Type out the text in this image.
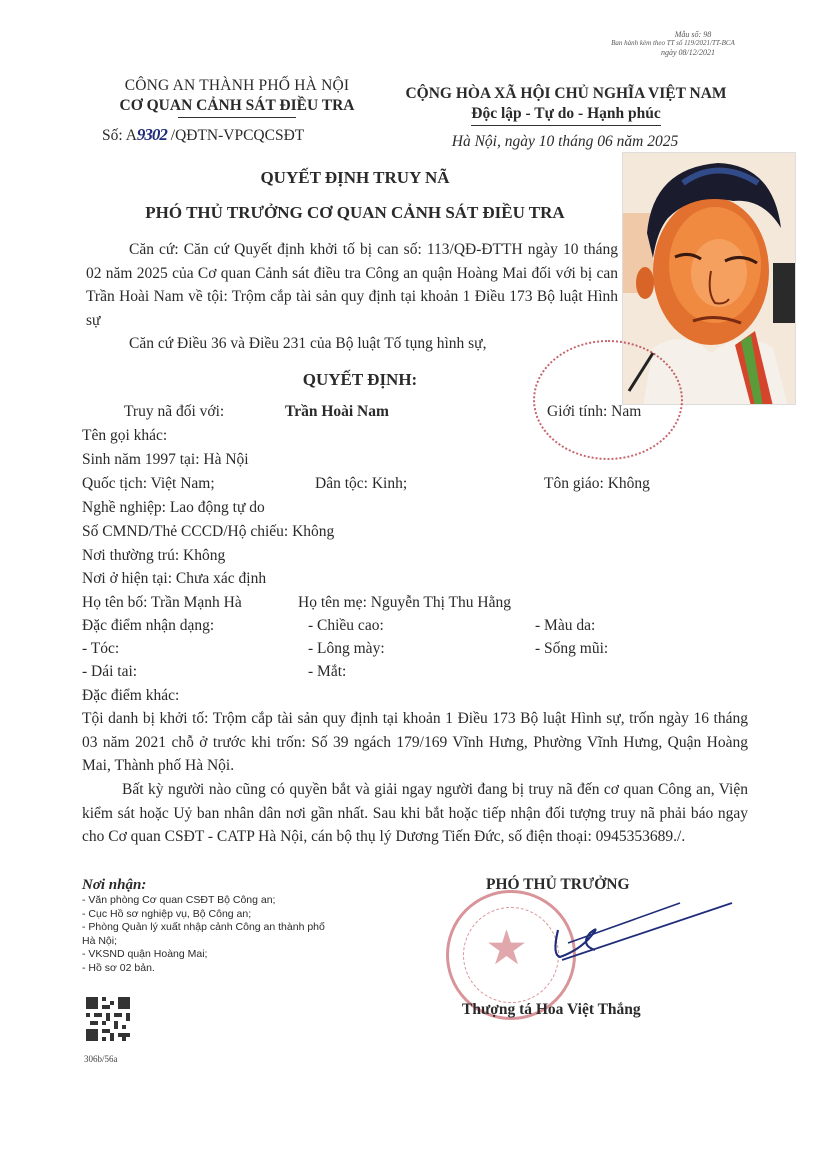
Mẫu số: 98
Ban hành kèm theo TT số 119/2021/TT-BCA
ngày 08/12/2021
CÔNG AN THÀNH PHỐ HÀ NỘI
CƠ QUAN CẢNH SÁT ĐIỀU TRA
Số: A9302 /QĐTN-VPCQCSĐT
CỘNG HÒA XÃ HỘI CHỦ NGHĨA VIỆT NAM
Độc lập - Tự do - Hạnh phúc
Hà Nội, ngày 10 tháng 06 năm 2025
QUYẾT ĐỊNH TRUY NÃ
PHÓ THỦ TRƯỞNG CƠ QUAN CẢNH SÁT ĐIỀU TRA
Căn cứ: Căn cứ Quyết định khởi tố bị can số: 113/QĐ-ĐTTH ngày 10 tháng 02 năm 2025 của Cơ quan Cảnh sát điều tra Công an quận Hoàng Mai đối với bị can Trần Hoài Nam về tội: Trộm cắp tài sản quy định tại khoản 1 Điều 173 Bộ luật Hình sự
Căn cứ Điều 36 và Điều 231 của Bộ luật Tố tụng hình sự,
QUYẾT ĐỊNH:
Truy nã đối với:	Trần Hoài Nam	Giới tính: Nam
Tên gọi khác:
Sinh năm 1997 tại: Hà Nội
Quốc tịch: Việt Nam;	Dân tộc: Kinh;	Tôn giáo: Không
Nghề nghiệp: Lao động tự do
Số CMND/Thẻ CCCD/Hộ chiếu: Không
Nơi thường trú: Không
Nơi ở hiện tại: Chưa xác định
Họ tên bố: Trần Mạnh Hà	Họ tên mẹ: Nguyễn Thị Thu Hằng
Đặc điểm nhận dạng:	- Chiều cao:	- Màu da:
- Tóc:	- Lông mày:	- Sống mũi:
- Dái tai:	- Mắt:
Đặc điểm khác:
Tội danh bị khởi tố: Trộm cắp tài sản quy định tại khoản 1 Điều 173 Bộ luật Hình sự, trốn ngày 16 tháng 03 năm 2021 chỗ ở trước khi trốn: Số 39 ngách 179/169 Vĩnh Hưng, Phường Vĩnh Hưng, Quận Hoàng Mai, Thành phố Hà Nội.
Bất kỳ người nào cũng có quyền bắt và giải ngay người đang bị truy nã đến cơ quan Công an, Viện kiểm sát hoặc Uỷ ban nhân dân nơi gần nhất. Sau khi bắt hoặc tiếp nhận đối tượng truy nã phải báo ngay cho Cơ quan CSĐT - CATP Hà Nội, cán bộ thụ lý Dương Tiến Đức, số điện thoại: 0945353689./.
Nơi nhận:
- Văn phòng Cơ quan CSĐT Bộ Công an;
- Cục Hồ sơ nghiệp vụ, Bộ Công an;
- Phòng Quản lý xuất nhập cảnh Công an thành phố
Hà Nội;
- VKSND quận Hoàng Mai;
- Hồ sơ 02 bản.
306b/56a
★
PHÓ THỦ TRƯỞNG
Thượng tá Hoa Việt Thắng
